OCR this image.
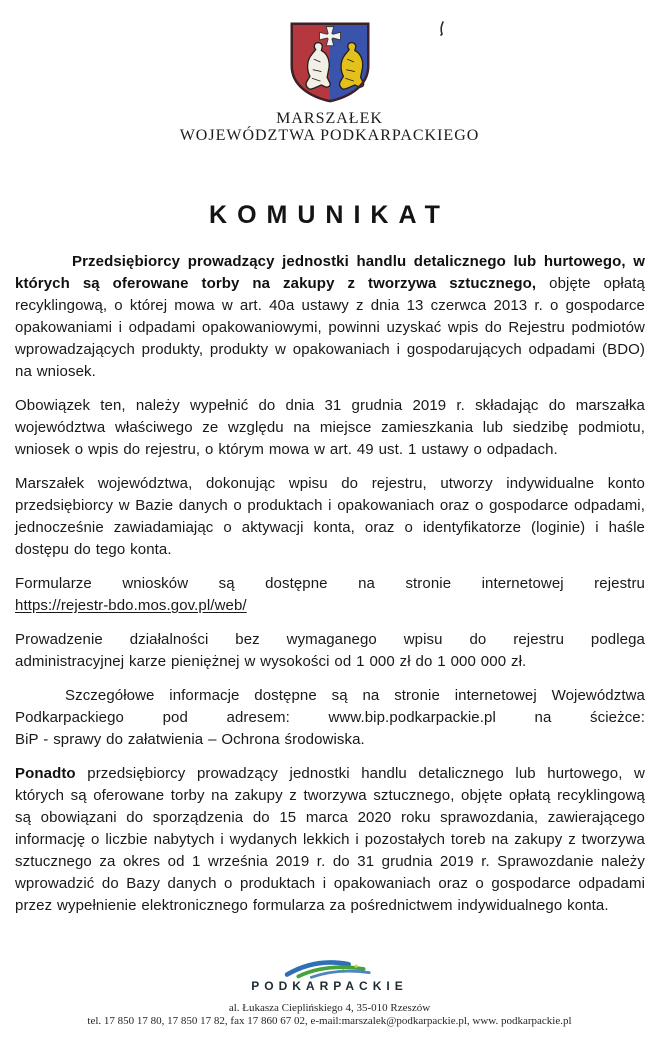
MARSZAŁEK
WOJEWÓDZTWA PODKARPACKIEGO
KOMUNIKAT

Przedsiębiorcy prowadzący jednostki handlu detalicznego lub hurtowego, w których są oferowane torby na zakupy z tworzywa sztucznego, objęte opłatą recyklingową, o której mowa w art. 40a ustawy z dnia 13 czerwca 2013 r. o gospodarce opakowaniami i odpadami opakowaniowymi, powinni uzyskać wpis do Rejestru podmiotów wprowadzających produkty, produkty w opakowaniach i gospodarujących odpadami (BDO) na wniosek.

Obowiązek ten, należy wypełnić do dnia 31 grudnia 2019 r. składając do marszałka województwa właściwego ze względu na miejsce zamieszkania lub siedzibę podmiotu, wniosek o wpis do rejestru, o którym mowa w art. 49 ust. 1 ustawy o odpadach.

Marszałek województwa, dokonując wpisu do rejestru, utworzy indywidualne konto przedsiębiorcy w Bazie danych o produktach i opakowaniach oraz o gospodarce odpadami, jednocześnie zawiadamiając o aktywacji konta, oraz o identyfikatorze (loginie) i haśle dostępu do tego konta.

Formularze wniosków są dostępne na stronie internetowej rejestru
https://rejestr-bdo.mos.gov.pl/web/

Prowadzenie działalności bez wymaganego wpisu do rejestru podlega
administracyjnej karze pieniężnej w wysokości od 1 000 zł do 1 000 000 zł.

Szczegółowe informacje dostępne są na stronie internetowej Województwa
Podkarpackiego pod adresem: www.bip.podkarpackie.pl na ścieżce:
BiP - sprawy do załatwienia – Ochrona środowiska.

Ponadto przedsiębiorcy prowadzący jednostki handlu detalicznego lub hurtowego, w których są oferowane torby na zakupy z tworzywa sztucznego, objęte opłatą recyklingową są obowiązani do sporządzenia do 15 marca 2020 roku sprawozdania, zawierającego informację o liczbie nabytych i wydanych lekkich i pozostałych toreb na zakupy z tworzywa sztucznego za okres od 1 września 2019 r. do 31 grudnia 2019 r. Sprawozdanie należy wprowadzić do Bazy danych o produktach i opakowaniach oraz o gospodarce odpadami przez wypełnienie elektronicznego formularza za pośrednictwem indywidualnego konta.

PODKARPACKIE
al. Łukasza Cieplińskiego 4, 35-010 Rzeszów
tel. 17 850 17 80, 17 850 17 82, fax 17 860 67 02, e-mail:marszalek@podkarpackie.pl, www. podkarpackie.pl
